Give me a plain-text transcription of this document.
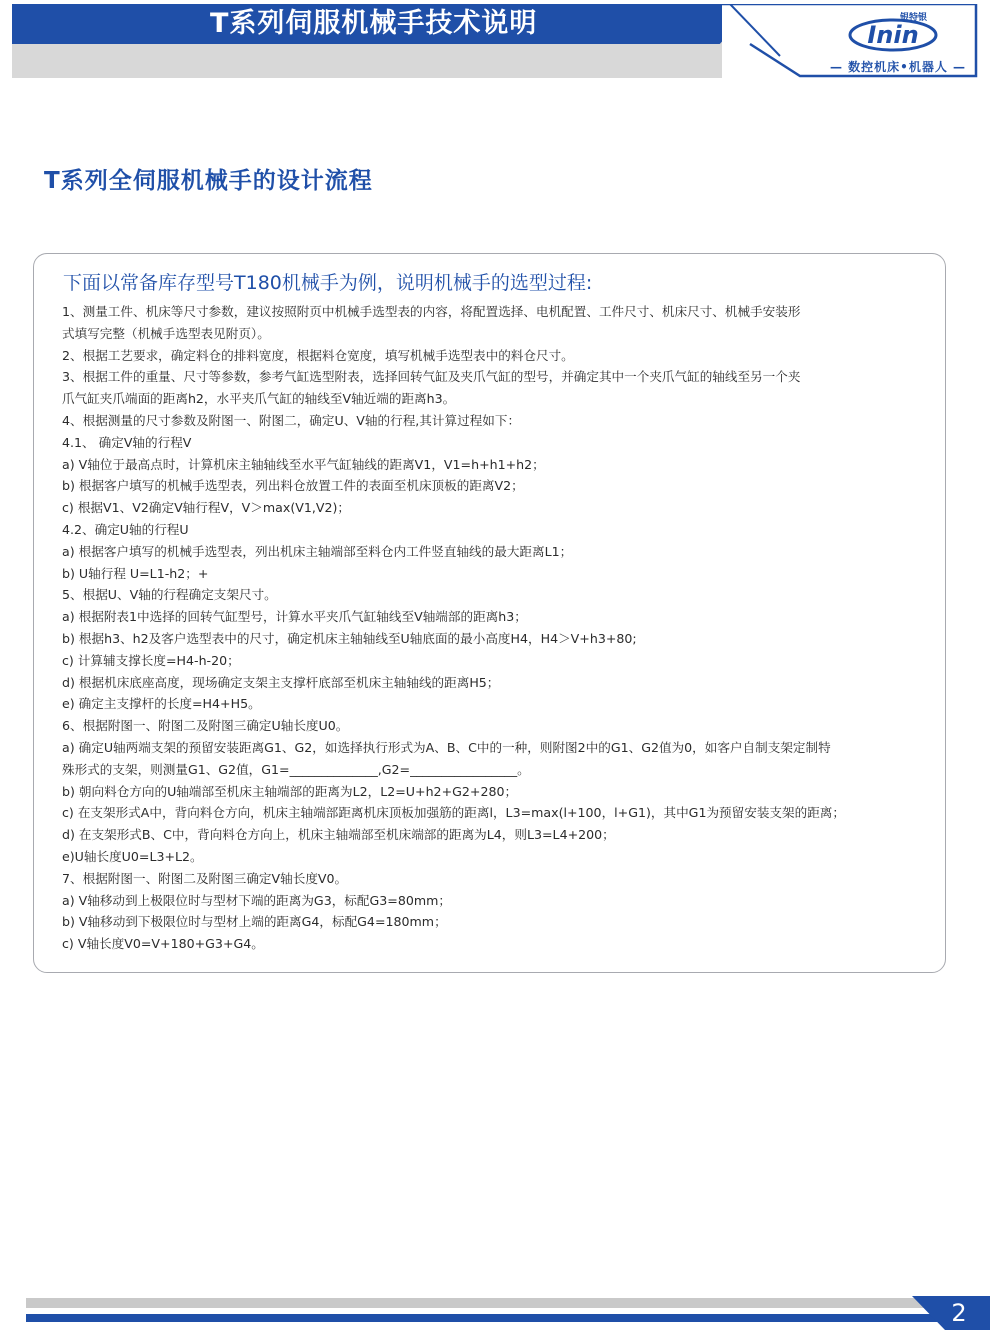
T系列伺服机械手技术说明	Inin
银特银
— 数控机床•机器人 —
T系列全伺服机械手的设计流程
下面以常备库存型号T180机械手为例，说明机械手的选型过程:
1、测量工件、机床等尺寸参数，建议按照附页中机械手选型表的内容，将配置选择、电机配置、工件尺寸、机床尺寸、机械手安装形
式填写完整（机械手选型表见附页）。
2、根据工艺要求，确定料仓的排料宽度，根据料仓宽度，填写机械手选型表中的料仓尺寸。
3、根据工件的重量、尺寸等参数，参考气缸选型附表，选择回转气缸及夹爪气缸的型号，并确定其中一个夹爪气缸的轴线至另一个夹
爪气缸夹爪端面的距离h2，水平夹爪气缸的轴线至V轴近端的距离h3。
4、根据测量的尺寸参数及附图一、附图二，确定U、V轴的行程,其计算过程如下：
4.1、 确定V轴的行程V
a) V轴位于最高点时，计算机床主轴轴线至水平气缸轴线的距离V1，V1=h+h1+h2；
b) 根据客户填写的机械手选型表，列出料仓放置工件的表面至机床顶板的距离V2；
c) 根据V1、V2确定V轴行程V，V＞max(V1,V2)；
4.2、确定U轴的行程U
a) 根据客户填写的机械手选型表，列出机床主轴端部至料仓内工件竖直轴线的最大距离L1；
b) U轴行程 U=L1-h2；+
5、根据U、V轴的行程确定支架尺寸。
a) 根据附表1中选择的回转气缸型号，计算水平夹爪气缸轴线至V轴端部的距离h3；
b) 根据h3、h2及客户选型表中的尺寸，确定机床主轴轴线至U轴底面的最小高度H4，H4＞V+h3+80;
c) 计算辅支撑长度=H4-h-20；
d) 根据机床底座高度，现场确定支架主支撑杆底部至机床主轴轴线的距离H5；
e) 确定主支撑杆的长度=H4+H5。
6、根据附图一、附图二及附图三确定U轴长度U0。
a) 确定U轴两端支架的预留安装距离G1、G2，如选择执行形式为A、B、C中的一种，则附图2中的G1、G2值为0，如客户自制支架定制特
殊形式的支架，则测量G1、G2值，G1=______________,G2=_________________。
b) 朝向料仓方向的U轴端部至机床主轴端部的距离为L2，L2=U+h2+G2+280；
c) 在支架形式A中，背向料仓方向，机床主轴端部距离机床顶板加强筋的距离l，L3=max(l+100，l+G1)，其中G1为预留安装支架的距离；
d) 在支架形式B、C中，背向料仓方向上，机床主轴端部至机床端部的距离为L4，则L3=L4+200；
e)U轴长度U0=L3+L2。
7、根据附图一、附图二及附图三确定V轴长度V0。
a) V轴移动到上极限位时与型材下端的距离为G3，标配G3=80mm；
b) V轴移动到下极限位时与型材上端的距离G4，标配G4=180mm；
c) V轴长度V0=V+180+G3+G4。
2
